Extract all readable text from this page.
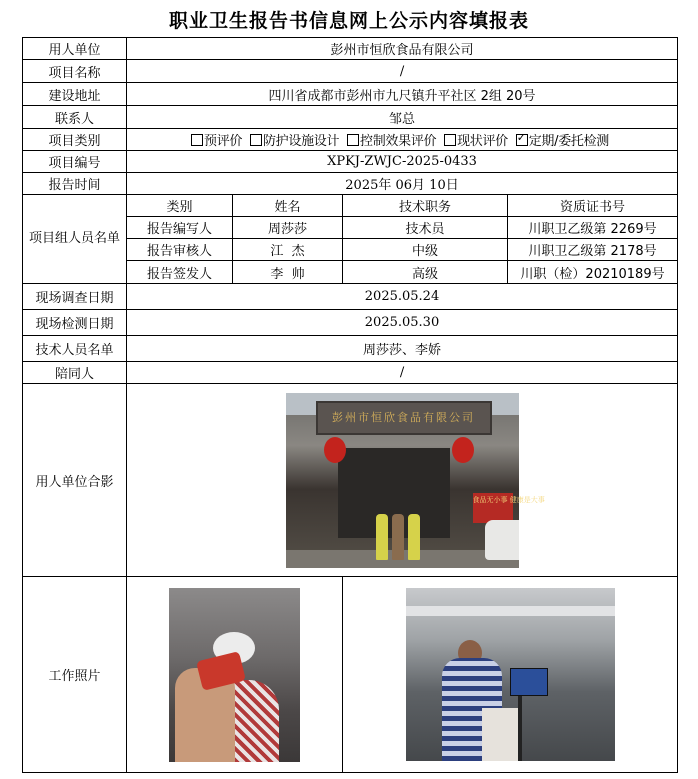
职业卫生报告书信息网上公示内容填报表
用人单位	彭州市恒欣食品有限公司			
项目名称	/			
建设地址	四川省成都市彭州市九尺镇升平社区 2组 20号			
联系人	邹总			
项目类别	预评价 防护设施设计 控制效果评价 现状评价 ✓ 定期/委托检测
项目编号	XPKJ-ZWJC-2025-0433			
报告时间	2025年 06月 10日			
项目组人员名单	类别	姓名	技术职务	资质证书号
	报告编写人	周莎莎	技术员	川职卫乙级第 2269号
	报告审核人	江  杰	中级	川职卫乙级第 2178号
	报告签发人	李  帅	高级	川职（检）20210189号
现场调查日期	2025.05.24			
现场检测日期	2025.05.30			
技术人员名单	周莎莎、李娇			
陪同人	/			
用人单位合影	彭州市恒欣食品有限公司
食品无小事 健康是大事			

工作照片			
